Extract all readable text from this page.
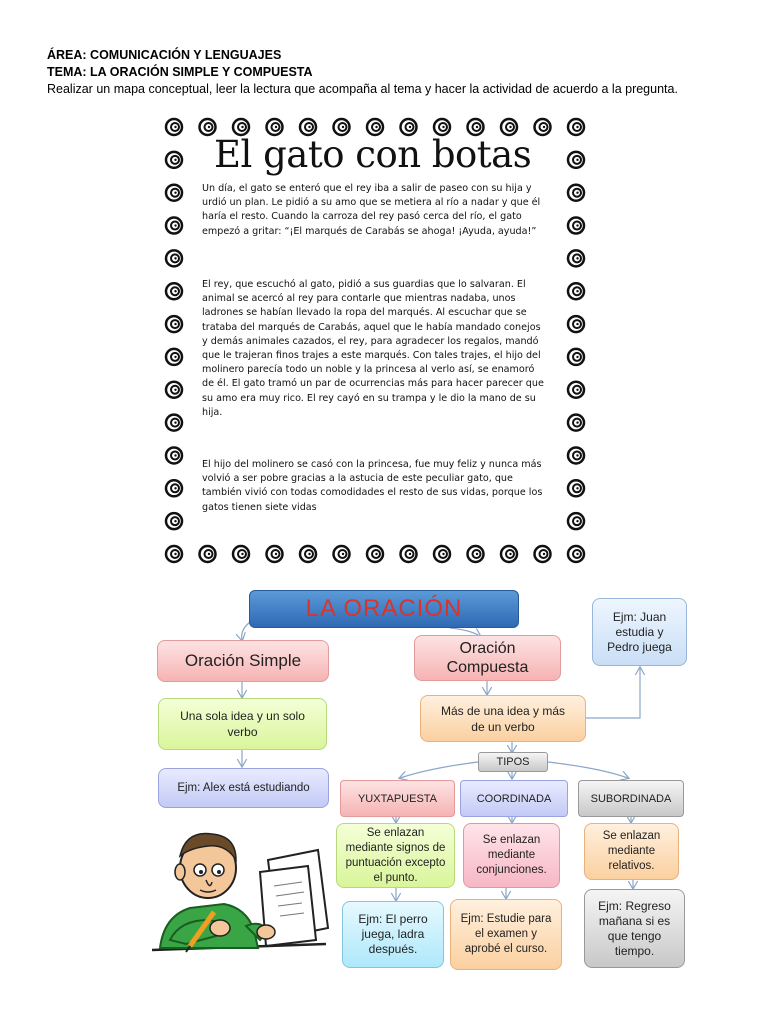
ÁREA: COMUNICACIÓN Y LENGUAJES
TEMA: LA ORACIÓN SIMPLE Y COMPUESTA
Realizar un mapa conceptual, leer la lectura que acompaña al tema y hacer la actividad de acuerdo a la pregunta.
El gato con botas

Un día, el gato se enteró que el rey iba a salir de paseo con su hija y urdió un plan. Le pidió a su amo que se metiera al río a nadar y que él haría el resto. Cuando la carroza del rey pasó cerca del río, el gato empezó a gritar: “¡El marqués de Carabás se ahoga! ¡Ayuda, ayuda!”

El rey, que escuchó al gato, pidió a sus guardias que lo salvaran. El animal se acercó al rey para contarle que mientras nadaba, unos ladrones se habían llevado la ropa del marqués. Al escuchar que se trataba del marqués de Carabás, aquel que le había mandado conejos y demás animales cazados, el rey, para agradecer los regalos, mandó que le trajeran finos trajes a este marqués. Con tales trajes, el hijo del molinero parecía todo un noble y la princesa al verlo así, se enamoró de él. El gato tramó un par de ocurrencias más para hacer parecer que su amo era muy rico. El rey cayó en su trampa y le dio la mano de su hija.

El hijo del molinero se casó con la princesa, fue muy feliz y nunca más volvió a ser pobre gracias a la astucia de este peculiar gato, que también vivió con todas comodidades el resto de sus vidas, porque los gatos tienen siete vidas

LA ORACIÓN
Oración Simple
Oración Compuesta
Ejm: Juan estudia y Pedro juega
Una sola idea y un solo verbo
Más de una idea y más de un verbo
Ejm: Alex está estudiando
TIPOS
YUXTAPUESTA	COORDINADA	SUBORDINADA
Se enlazan mediante signos de puntuación excepto el punto.
Se enlazan mediante conjunciones.
Se enlazan mediante relativos.
Ejm: El perro juega, ladra después.
Ejm: Estudie para el examen y aprobé el curso.
Ejm: Regreso mañana si es que tengo tiempo.
